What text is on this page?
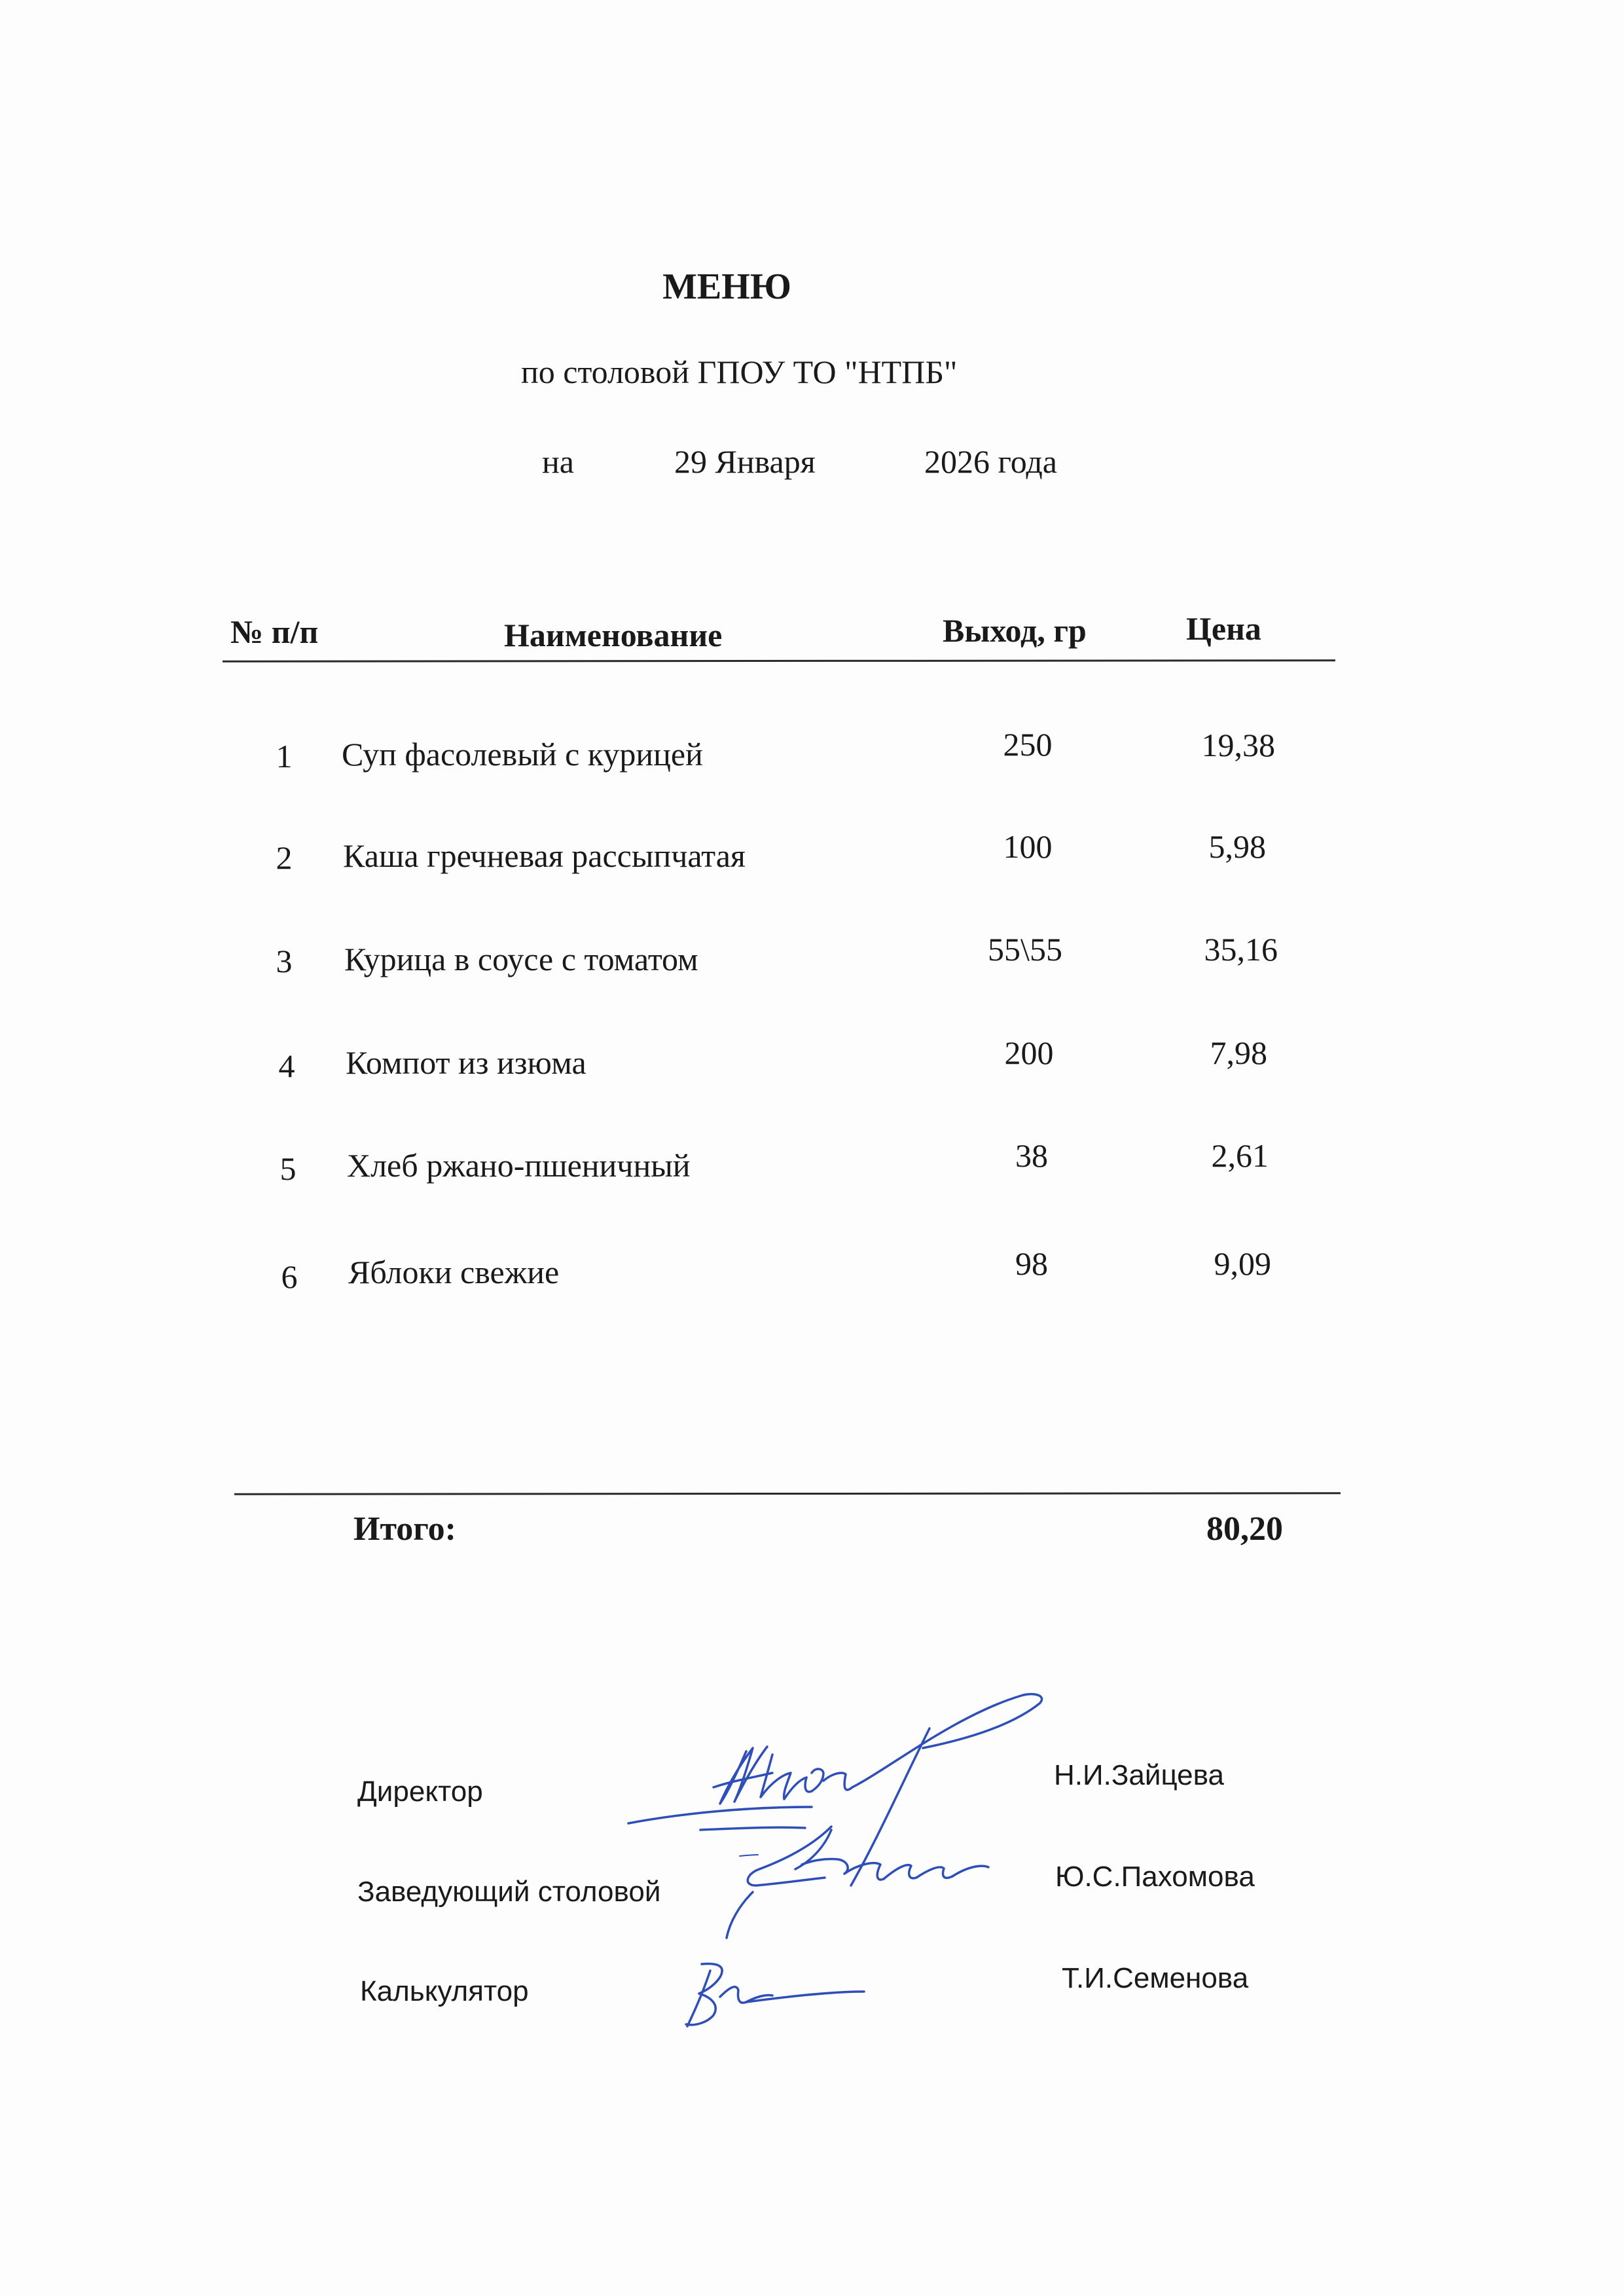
МЕНЮ
по столовой ГПОУ ТО "НТПБ"
на	29 Января	2026 года
№ п/п	Наименование	Выход, гр	Цена
1 Суп фасолевый с курицей	250	19,38
2 Каша гречневая рассыпчатая	100	5,98
3 Курица в соусе с томатом	55\55	35,16
4 Компот из изюма	200	7,98
5 Хлеб ржано-пшеничный	38	2,61
6 Яблоки свежие	98	9,09
Итого:	80,20
Директор
Заведующий столовой
Калькулятор
Н.И.Зайцева
Ю.С.Пахомова
Т.И.Семенова
